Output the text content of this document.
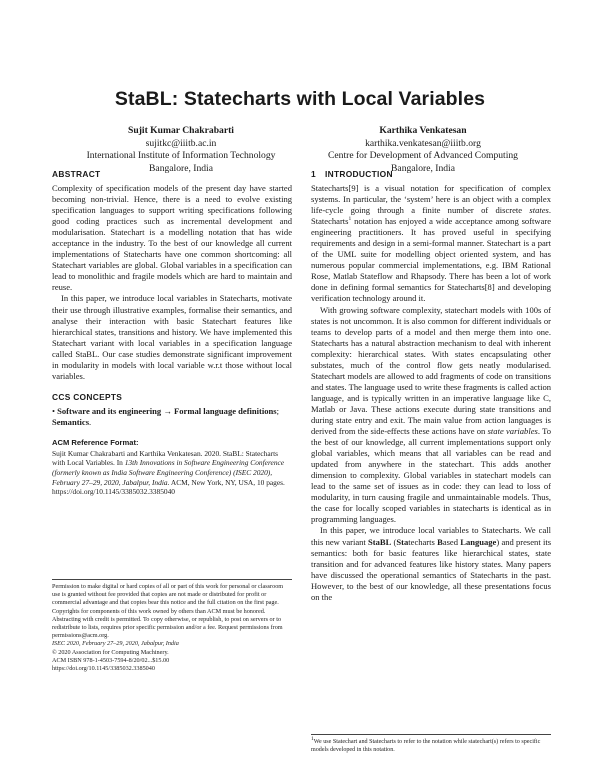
StaBL: Statecharts with Local Variables
Sujit Kumar Chakrabarti
sujitkc@iiitb.ac.in
International Institute of Information Technology
Bangalore, India
Karthika Venkatesan
karthika.venkatesan@iiitb.org
Centre for Development of Advanced Computing
Bangalore, India
ABSTRACT

Complexity of specification models of the present day have started becoming non-trivial. Hence, there is a need to evolve existing specification languages to support writing specifications following good coding practices such as incremental development and modularisation. Statechart is a modelling notation that has wide acceptance in the industry. To the best of our knowledge all current implementations of Statecharts have one common shortcoming: all Statechart variables are global. Global variables in a specification can lead to monolithic and fragile models which are hard to maintain and reuse.

In this paper, we introduce local variables in Statecharts, motivate their use through illustrative examples, formalise their semantics, and analyse their interaction with basic Statechart features like hierarchical states, transitions and history. We have implemented this Statechart variant with local variables in a specification language called StaBL. Our case studies demonstrate significant improvement in modularity in models with local variable w.r.t those without local variables.

CCS CONCEPTS

• Software and its engineering → Formal language definitions; Semantics.

ACM Reference Format:

Sujit Kumar Chakrabarti and Karthika Venkatesan. 2020. StaBL: Statecharts with Local Variables. In 13th Innovations in Software Engineering Conference (formerly known as India Software Engineering Conference) (ISEC 2020), February 27–29, 2020, Jabalpur, India. ACM, New York, NY, USA, 10 pages. https://doi.org/10.1145/3385032.3385040

Permission to make digital or hard copies of all or part of this work for personal or classroom use is granted without fee provided that copies are not made or distributed for profit or commercial advantage and that copies bear this notice and the full citation on the first page. Copyrights for components of this work owned by others than ACM must be honored. Abstracting with credit is permitted. To copy otherwise, or republish, to post on servers or to redistribute to lists, requires prior specific permission and/or a fee. Request permissions from permissions@acm.org.

ISEC 2020, February 27–29, 2020, Jabalpur, India

© 2020 Association for Computing Machinery.

ACM ISBN 978-1-4503-7594-8/20/02...$15.00

https://doi.org/10.1145/3385032.3385040

1 INTRODUCTION

Statecharts[9] is a visual notation for specification of complex systems. In particular, the ‘system’ here is an object with a complex life-cycle going through a finite number of discrete states. Statecharts$^1$ notation has enjoyed a wide acceptance among software engineering practitioners. It has proved useful in specifying requirements and design in a semi-formal manner. Statechart is a part of the UML suite for modelling object oriented system, and has numerous popular commercial implementations, e.g. IBM Rational Rose, Matlab Stateflow and Rhapsody. There has been a lot of work done in defining formal semantics for Statecharts[8] and developing verification technology around it.

With growing software complexity, statechart models with 100s of states is not uncommon. It is also common for different individuals or teams to develop parts of a model and then merge them into one. Statecharts has a natural abstraction mechanism to deal with inherent complexity: hierarchical states. With states encapsulating other substates, much of the control flow gets neatly modularised. Statechart models are allowed to add fragments of code on transitions and states. The language used to write these fragments is called action language, and is typically written in an imperative language like C, Matlab or Java. These actions execute during state transitions and during state entry and exit. The main value from action languages is derived from the side-effects these actions have on state variables. To the best of our knowledge, all current implementations support only global variables, which means that all variables can be read and updated from anywhere in the statechart. This adds another dimension to complexity. Global variables in statechart models can lead to the same set of issues as in code: they can lead to loss of modularity, in turn causing fragile and unmaintainable models. Thus, the case for locally scoped variables in statecharts is identical as in programming languages.

In this paper, we introduce local variables to Statecharts. We call this new variant StaBL (Statecharts Based Language) and present its semantics: both for basic features like hierarchical states, state transition and for advanced features like history states. Many papers have discussed the operational semantics of Statecharts in the past. However, to the best of our knowledge, all these presentations focus on the

$^1$We use Statechart and Statecharts to refer to the notation while statechart(s) refers to specific models developed in this notation.
